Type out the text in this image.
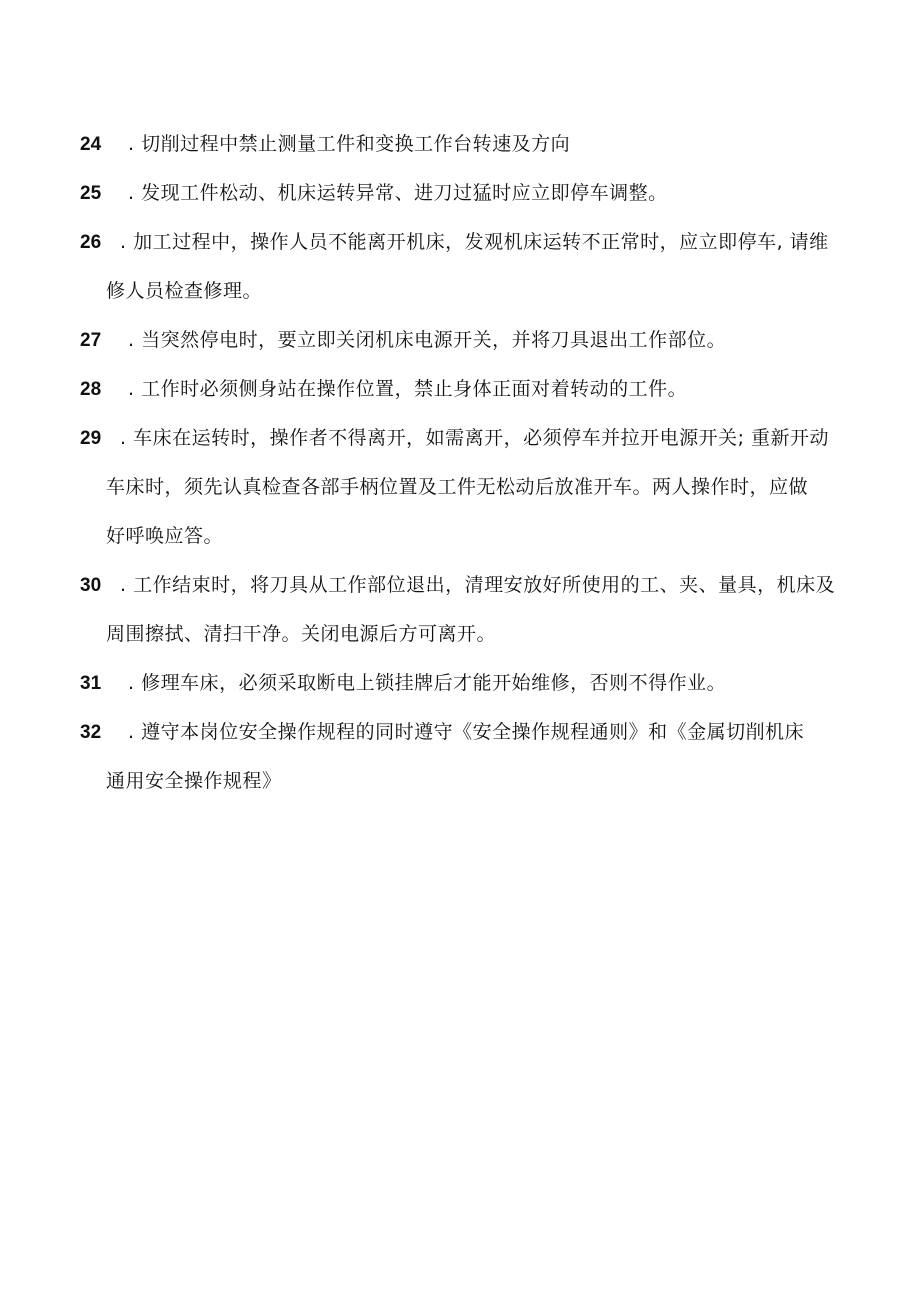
24	. 切削过程中禁止测量工件和变换工作台转速及方向
25	. 发现工件松动、机床运转异常、进刀过猛时应立即停车调整。
26 . 加工过程中，操作人员不能离开机床，发观机床运转不正常时，应立即停车, 请维
修人员检查修理。
27	. 当突然停电时，要立即关闭机床电源开关，并将刀具退出工作部位。
28	. 工作时必须侧身站在操作位置，禁止身体正面对着转动的工件。
29 . 车床在运转时，操作者不得离开，如需离开，必须停车并拉开电源开关; 重新开动
车床时，须先认真检查各部手柄位置及工件无松动后放准开车。两人操作时，应做
好呼唤应答。
30 . 工作结束时，将刀具从工作部位退出，清理安放好所使用的工、夹、量具，机床及
周围擦拭、清扫干净。关闭电源后方可离开。
31	. 修理车床，必须采取断电上锁挂牌后才能开始维修，否则不得作业。
32	. 遵守本岗位安全操作规程的同时遵守《安全操作规程通则》和《金属切削机床
通用安全操作规程》
